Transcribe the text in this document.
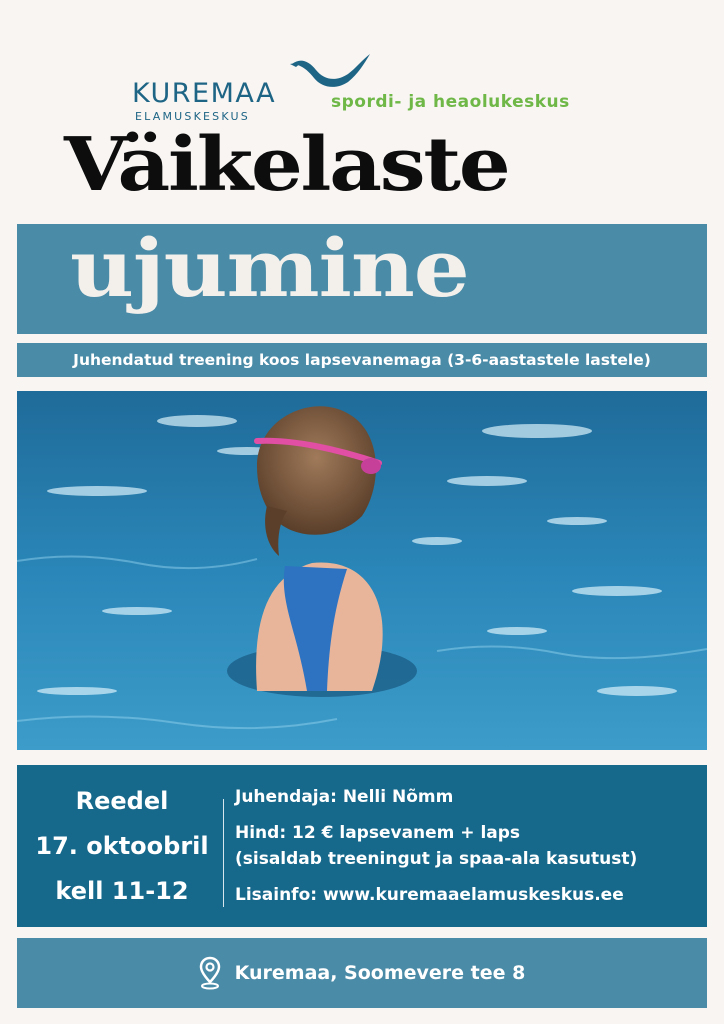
KUREMAA
ELAMUSKESKUS
spordi- ja heaolukeskus
Väikelaste
ujumine
Juhendatud treening koos lapsevanemaga (3-6-aastastele lastele)
Reedel
17. oktoobril
kell 11-12
Juhendaja: Nelli Nõmm
Hind: 12 € lapsevanem + laps
(sisaldab treeningut ja spaa-ala kasutust)
Lisainfo: www.kuremaaelamuskeskus.ee
Kuremaa, Soomevere tee 8
